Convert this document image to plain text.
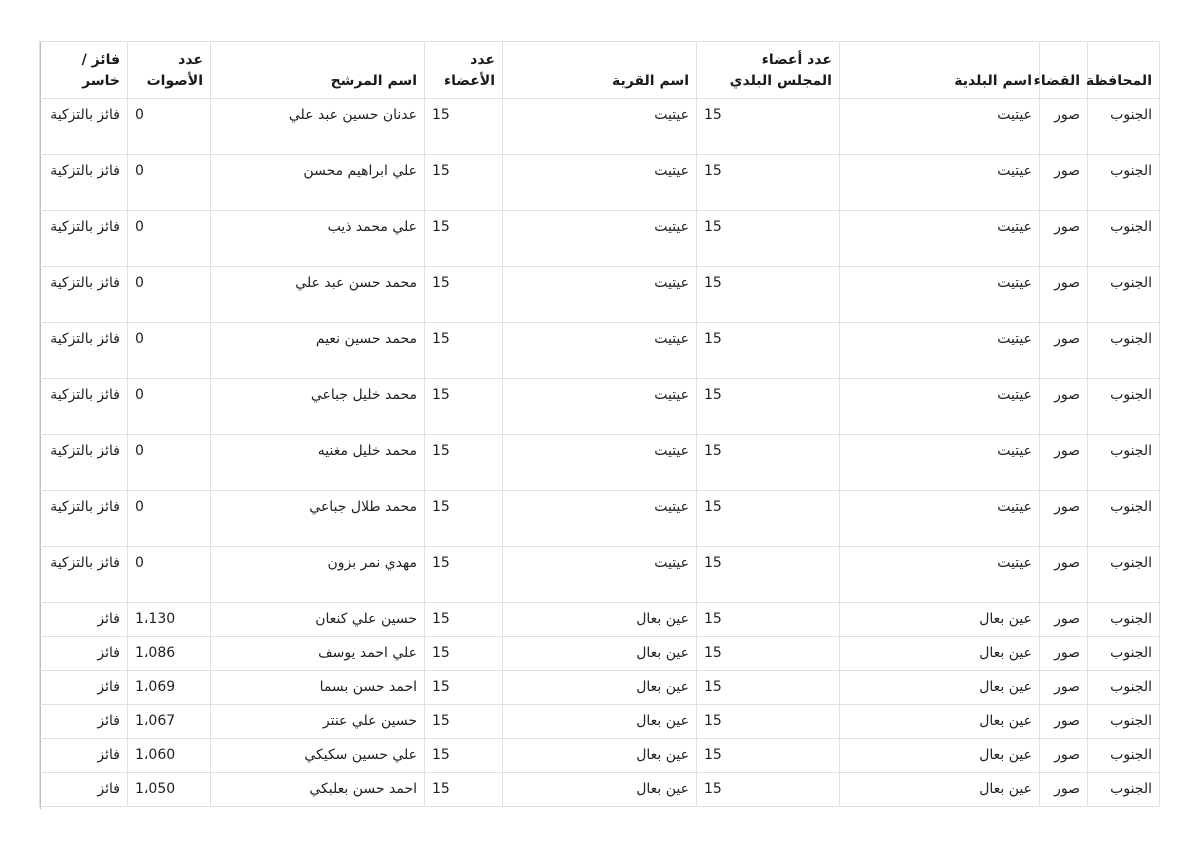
المحافظة	القضاء	اسم البلدية	عدد أعضاء المجلس البلدي	اسم القرية	عدد الأعضاء	اسم المرشح	عدد الأصوات	فائز / خاسر
الجنوب	صور	عيتيت	15	عيتيت	15	عدنان حسين عبد علي	0	فائز بالتزكية
الجنوب	صور	عيتيت	15	عيتيت	15	علي ابراهيم محسن	0	فائز بالتزكية
الجنوب	صور	عيتيت	15	عيتيت	15	علي محمد ذيب	0	فائز بالتزكية
الجنوب	صور	عيتيت	15	عيتيت	15	محمد حسن عبد علي	0	فائز بالتزكية
الجنوب	صور	عيتيت	15	عيتيت	15	محمد حسين نعيم	0	فائز بالتزكية
الجنوب	صور	عيتيت	15	عيتيت	15	محمد خليل جباعي	0	فائز بالتزكية
الجنوب	صور	عيتيت	15	عيتيت	15	محمد خليل مغنيه	0	فائز بالتزكية
الجنوب	صور	عيتيت	15	عيتيت	15	محمد طلال جباعي	0	فائز بالتزكية
الجنوب	صور	عيتيت	15	عيتيت	15	مهدي نمر بزون	0	فائز بالتزكية
الجنوب	صور	عين بعال	15	عين بعال	15	حسين علي كنعان	1،130	فائز
الجنوب	صور	عين بعال	15	عين بعال	15	علي احمد يوسف	1،086	فائز
الجنوب	صور	عين بعال	15	عين بعال	15	احمد حسن بسما	1،069	فائز
الجنوب	صور	عين بعال	15	عين بعال	15	حسين علي عنتر	1،067	فائز
الجنوب	صور	عين بعال	15	عين بعال	15	علي حسين سكيكي	1،060	فائز
الجنوب	صور	عين بعال	15	عين بعال	15	احمد حسن بعلبكي	1،050	فائز
